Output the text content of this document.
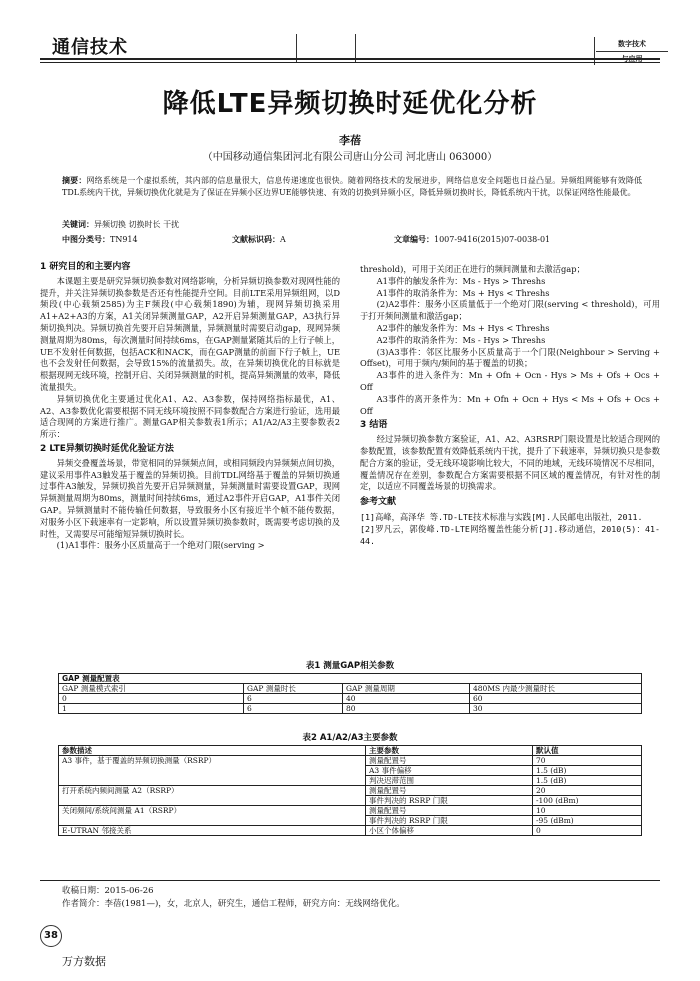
通信技术	数字技术
与应用
降低LTE异频切换时延优化分析
李蓓
（中国移动通信集团河北有限公司唐山分公司 河北唐山 063000）
摘要：网络系统是一个虚拟系统，其内部的信息量很大，信息传递速度也很快。随着网络技术的发展进步，网络信息安全问题也日益凸显。异频组网能够有效降低TDL系统内干扰，异频切换优化就是为了保证在异频小区边界UE能够快速、有效的切换到异频小区，降低异频切换时长，降低系统内干扰，以保证网络性能最优。
关键词：异频切换 切换时长 干扰
中图分类号：TN914	文献标识码：A	文章编号：1007-9416(2015)07-0038-01
1 研究目的和主要内容

本课题主要是研究异频切换参数对网络影响，分析异频切换参数对现网性能的提升，并关注异频切换参数是否还有性能提升空间。目前LTE采用异频组网，以D频段(中心载频2585)为主F频段(中心载频1890)为辅，现网异频切换采用A1+A2+A3的方案，A1关闭异频测量GAP，A2开启异频测量GAP，A3执行异频切换判决。异频切换首先要开启异频测量，异频测量时需要启动gap，现网异频测量周期为80ms，每次测量时间持续6ms，在GAP测量紧随其后的上行子帧上，UE不发射任何数据，包括ACK和NACK，而在GAP测量的前面下行子帧上，UE也不会发射任何数据，会导致15%的流量损失。故，在异频切换优化的目标就是根据现网无线环境，控制开启、关闭异频测量的时机，提高异频测量的效率，降低流量损失。

异频切换优化主要通过优化A1、A2、A3参数，保持网络指标最优，A1、A2、A3参数优化需要根据不同无线环境按照不同参数配合方案进行验证，选用最适合现网的方案进行推广。测量GAP相关参数表1所示；A1/A2/A3主要参数表2所示：

2 LTE异频切换时延优化验证方法

异频交叠覆盖场景，带宽相同的异频频点间，或相同频段内异频频点间切换，建议采用事件A3触发基于覆盖的异频切换。目前TDL网络基于覆盖的异频切换通过事件A3触发，异频切换首先要开启异频测量，异频测量时需要设置GAP，现网异频测量周期为80ms，测量时间持续6ms，通过A2事件开启GAP，A1事件关闭GAP。异频测量时不能传输任何数据，导致服务小区有接近半个帧不能传数据，对服务小区下载速率有一定影响，所以设置异频切换参数时，既需要考虑切换的及时性，又需要尽可能缩短异频切换时长。

(1)A1事件：服务小区质量高于一个绝对门限(serving >

threshold)，可用于关闭正在进行的频间测量和去激活gap；

A1事件的触发条件为：Ms - Hys > Threshs

A1事件的取消条件为：Ms + Hys < Threshs

(2)A2事件：服务小区质量低于一个绝对门限(serving < threshold)，可用于打开频间测量和激活gap；

A2事件的触发条件为：Ms + Hys < Threshs

A2事件的取消条件为：Ms - Hys > Threshs

(3)A3事件：邻区比服务小区质量高于一个门限(Neighbour > Serving + Offset)，可用于频内/频间的基于覆盖的切换；

A3事件的进入条件为：Mn + Ofn + Ocn - Hys > Ms + Ofs + Ocs + Off

A3事件的离开条件为：Mn + Ofn + Ocn + Hys < Ms + Ofs + Ocs + Off

3 结语

经过异频切换参数方案验证，A1、A2、A3RSRP门限设置是比较适合现网的参数配置，该参数配置有效降低系统内干扰，提升了下载速率，异频切换只是参数配合方案的验证，受无线环境影响比较大，不同的地域，无线环境情况不尽相同，覆盖情况存在差别，参数配合方案需要根据不同区域的覆盖情况，有针对性的制定，以适应不同覆盖场景的切换需求。

参考文献
[1]高峰，高泽华 等.TD-LTE技术标准与实践[M].人民邮电出版社，2011.
[2]罗凡云，郭俊峰.TD-LTE网络覆盖性能分析[J].移动通信，2010(5)：41-44.
表1 测量GAP相关参数
GAP 测量配置表			
GAP 测量模式索引	GAP 测量时长	GAP 测量周期	480MS 内最少测量时长
0	6	40	60
1	6	80	30
表2 A1/A2/A3主要参数
参数描述	主要参数	默认值
A3 事件，基于覆盖的异频切换测量（RSRP）	测量配置号	70
	A3 事件偏移	1.5 (dB)
	判决迟滞范围	1.5 (dB)
打开系统内频间测量 A2（RSRP）	测量配置号	20
	事件判决的 RSRP 门限	-100 (dBm)
关闭频间/系统间测量 A1（RSRP）	测量配置号	10
	事件判决的 RSRP 门限	-95 (dBm)
E-UTRAN 邻接关系	小区个体偏移	0
收稿日期：2015-06-26
作者简介：李蓓(1981—)，女，北京人，研究生，通信工程师，研究方向：无线网络优化。
38
万方数据
